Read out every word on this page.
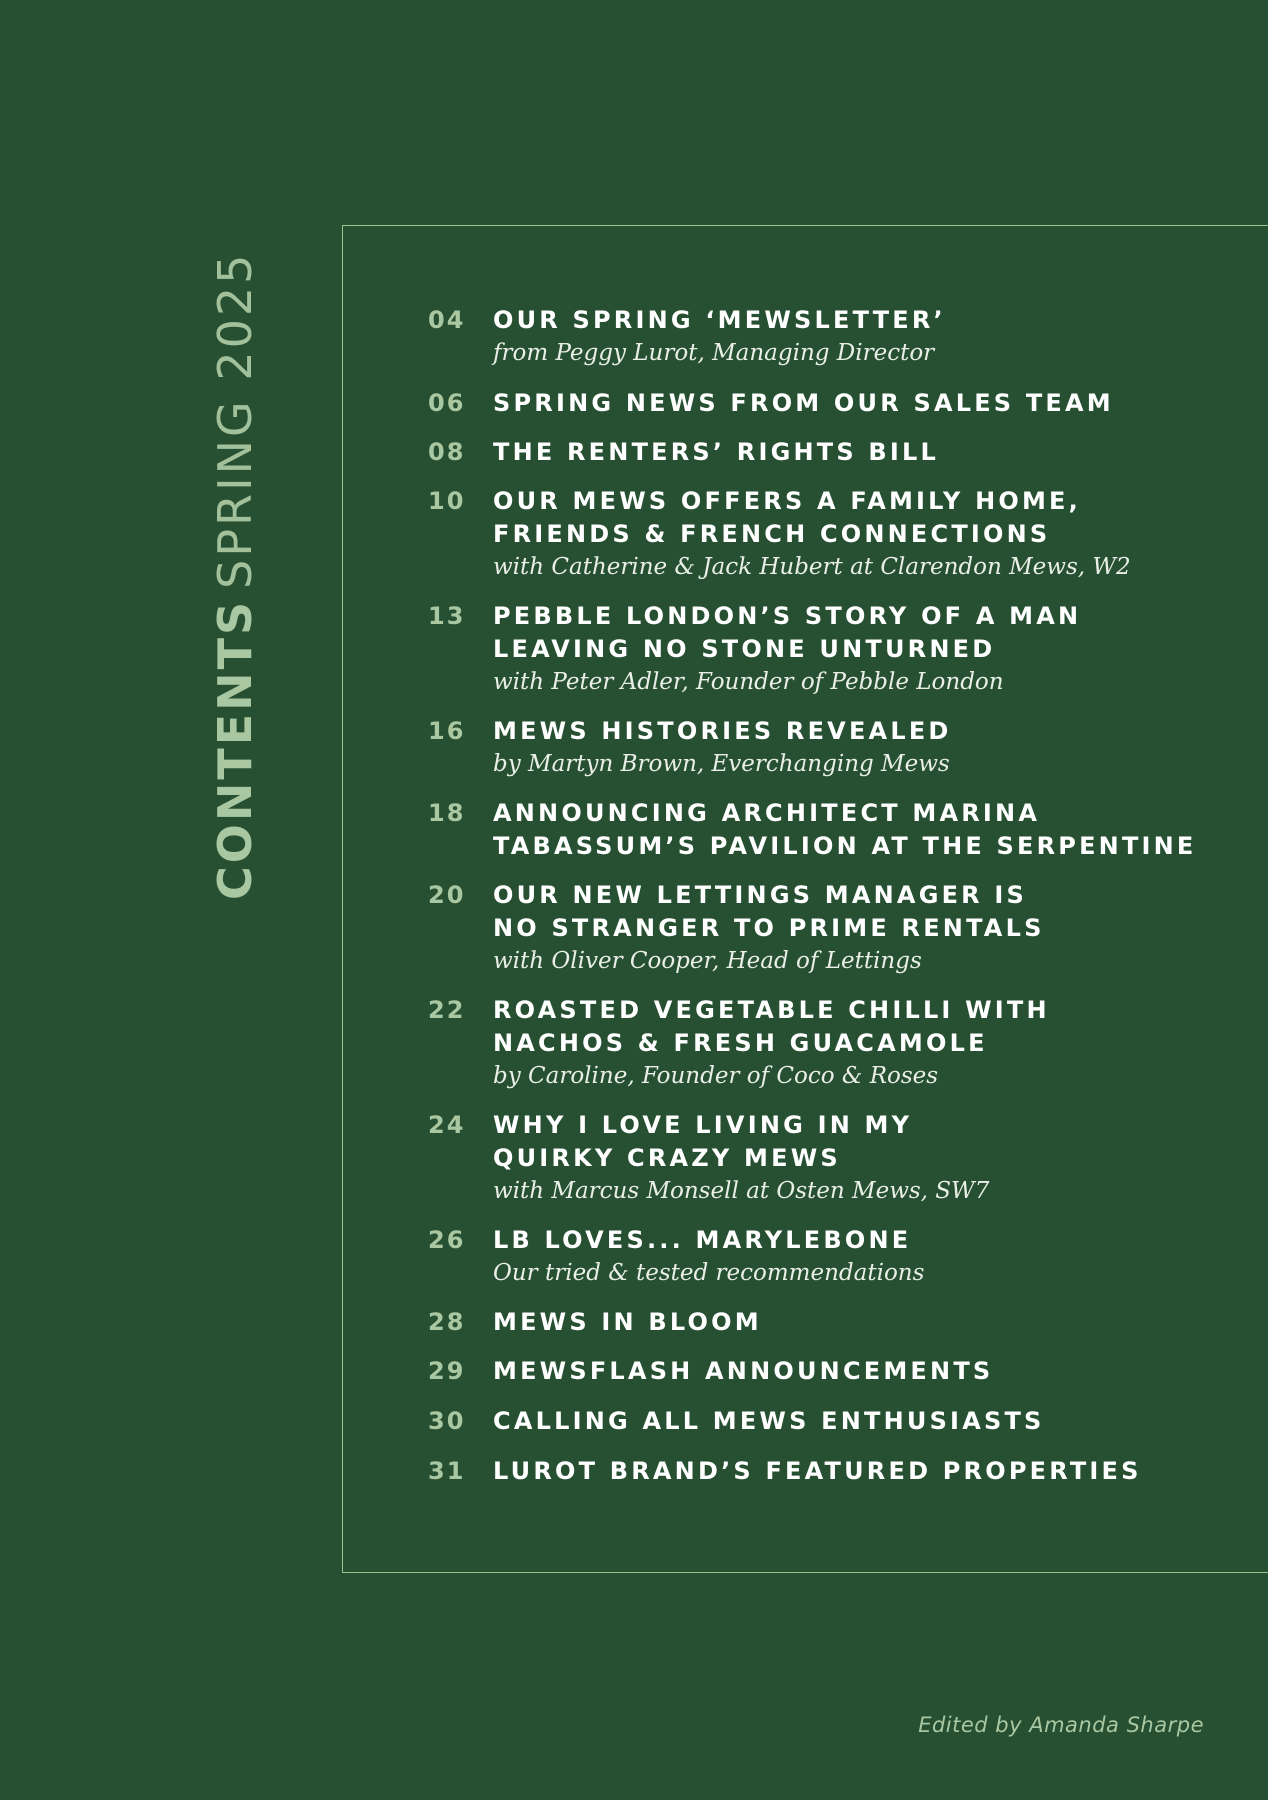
CONTENTSSPRING 2025	04	OUR SPRING ‘MEWSLETTER’
from Peggy Lurot, Managing Director
06	SPRING NEWS FROM OUR SALES TEAM
08	THE RENTERS’ RIGHTS BILL
10	OUR MEWS OFFERS A FAMILY HOME,
FRIENDS & FRENCH CONNECTIONS
with Catherine & Jack Hubert at Clarendon Mews, W2
13	PEBBLE LONDON’S STORY OF A MAN
LEAVING NO STONE UNTURNED
with Peter Adler, Founder of Pebble London
16	MEWS HISTORIES REVEALED
by Martyn Brown, Everchanging Mews
18	ANNOUNCING ARCHITECT MARINA
TABASSUM’S PAVILION AT THE SERPENTINE
20	OUR NEW LETTINGS MANAGER IS
NO STRANGER TO PRIME RENTALS
with Oliver Cooper, Head of Lettings
22	ROASTED VEGETABLE CHILLI WITH
NACHOS & FRESH GUACAMOLE
by Caroline, Founder of Coco & Roses
24	WHY I LOVE LIVING IN MY
QUIRKY CRAZY MEWS
with Marcus Monsell at Osten Mews, SW7
26	LB LOVES... MARYLEBONE
Our tried & tested recommendations
28	MEWS IN BLOOM
29	MEWSFLASH ANNOUNCEMENTS
30	CALLING ALL MEWS ENTHUSIASTS
31	LUROT BRAND’S FEATURED PROPERTIES
Edited by Amanda Sharpe
